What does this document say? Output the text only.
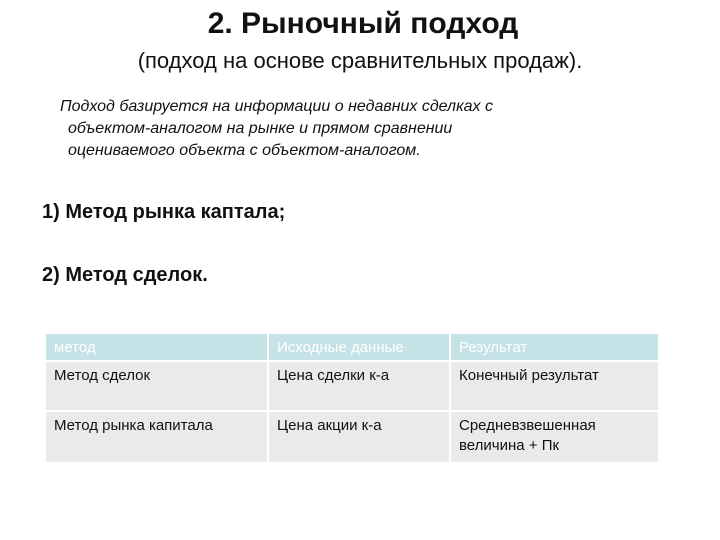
2. Рыночный подход
(подход на основе сравнительных продаж).
Подход базируется на информации о недавних сделках с
объектом-аналогом на рынке и прямом сравнении
оцениваемого объекта с объектом-аналогом.
1) Метод рынка каптала;
2) Метод сделок.
метод	Исходные данные	Результат
Метод сделок	Цена сделки к-а	Конечный результат
Метод рынка капитала	Цена акции к-а	Средневзвешенная величина + Пк
